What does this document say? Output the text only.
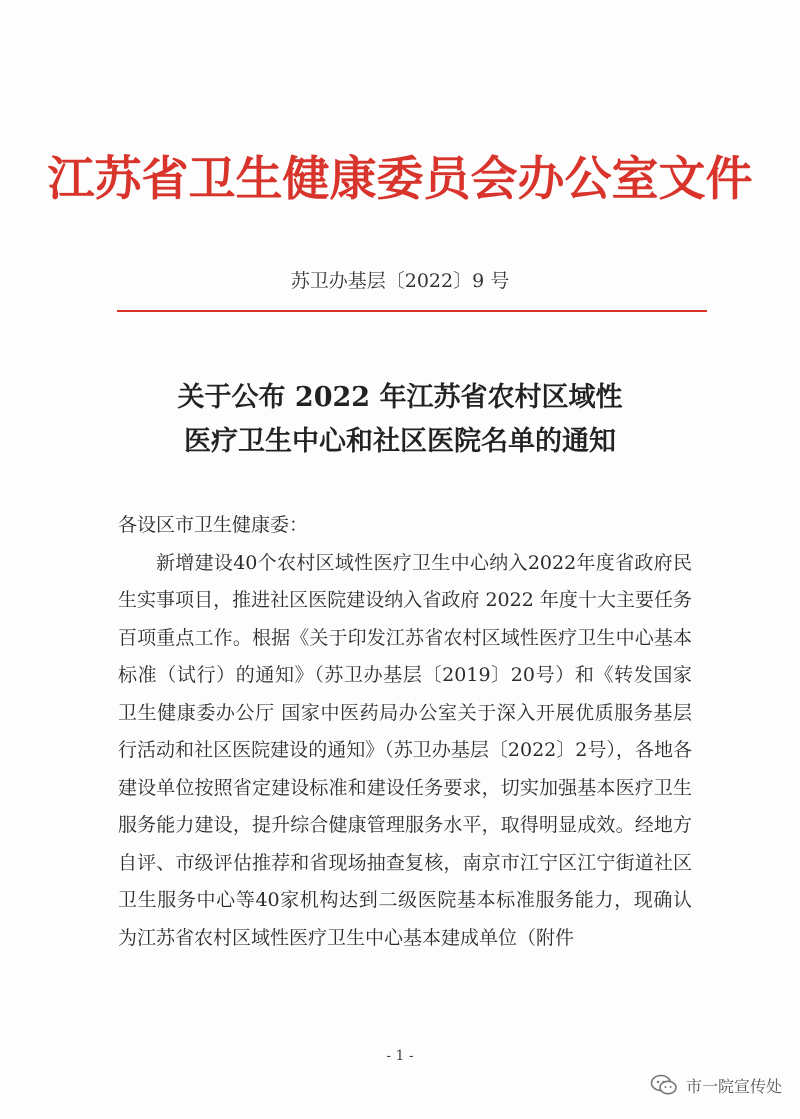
江苏省卫生健康委员会办公室文件
苏卫办基层〔2022〕9 号
关于公布 2022 年江苏省农村区域性
医疗卫生中心和社区医院名单的通知

各设区市卫生健康委：

新增建设40个农村区域性医疗卫生中心纳入2022年度省政府民生实事项目，推进社区医院建设纳入省政府 2022 年度十大主要任务百项重点工作。根据《关于印发江苏省农村区域性医疗卫生中心基本标准（试行）的通知》（苏卫办基层〔2019〕20号）和《转发国家卫生健康委办公厅 国家中医药局办公室关于深入开展优质服务基层行活动和社区医院建设的通知》（苏卫办基层〔2022〕2号），各地各建设单位按照省定建设标准和建设任务要求，切实加强基本医疗卫生服务能力建设，提升综合健康管理服务水平，取得明显成效。经地方自评、市级评估推荐和省现场抽查复核，南京市江宁区江宁街道社区卫生服务中心等40家机构达到二级医院基本标准服务能力，现确认为江苏省农村区域性医疗卫生中心基本建成单位（附件

- 1 -
市一院宣传处
